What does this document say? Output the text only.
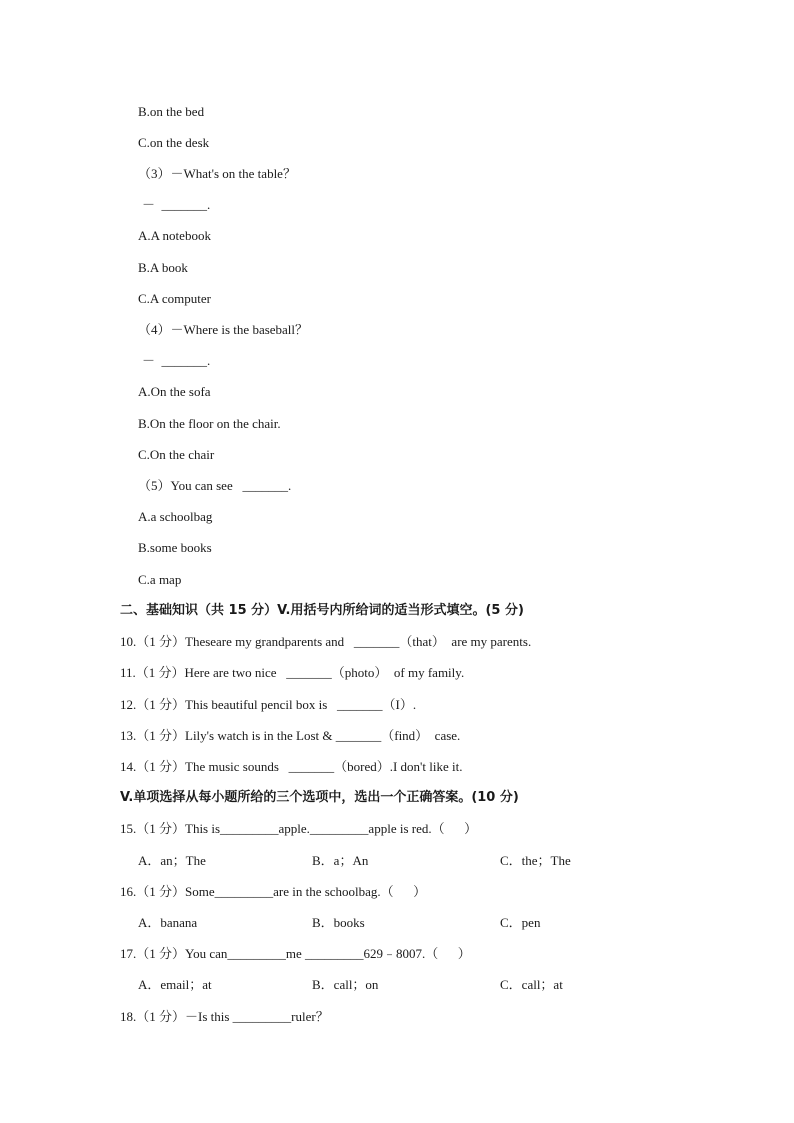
B.on the bed
C.on the desk
（3）－What's on the table？
－  _______.
A.A notebook
B.A book
C.A computer
（4）－Where is the baseball？
－  _______.
A.On the sofa
B.On the floor on the chair.
C.On the chair
（5）You can see   _______.
A.a schoolbag
B.some books
C.a map
二、基础知识（共 15 分）V.用括号内所给词的适当形式填空。(5 分)
10.（1 分）Theseare my grandparents and   _______（that）  are my parents.
11.（1 分）Here are two nice   _______（photo）  of my family.
12.（1 分）This beautiful pencil box is   _______（I）.
13.（1 分）Lily's watch is in the Lost & _______（find）  case.
14.（1 分）The music sounds   _______（bored）.I don't like it.
V.单项选择从每小题所给的三个选项中，选出一个正确答案。(10 分)
15.（1 分）This is_________apple._________apple is red.（      ）
A．an；The	B．a；An	C．the；The
16.（1 分）Some_________are in the schoolbag.（      ）
A．banana	B．books	C．pen
17.（1 分）You can_________me _________629﹣8007.（      ）
A．email；at	B．call；on	C．call；at
18.（1 分）－Is this _________ruler？
